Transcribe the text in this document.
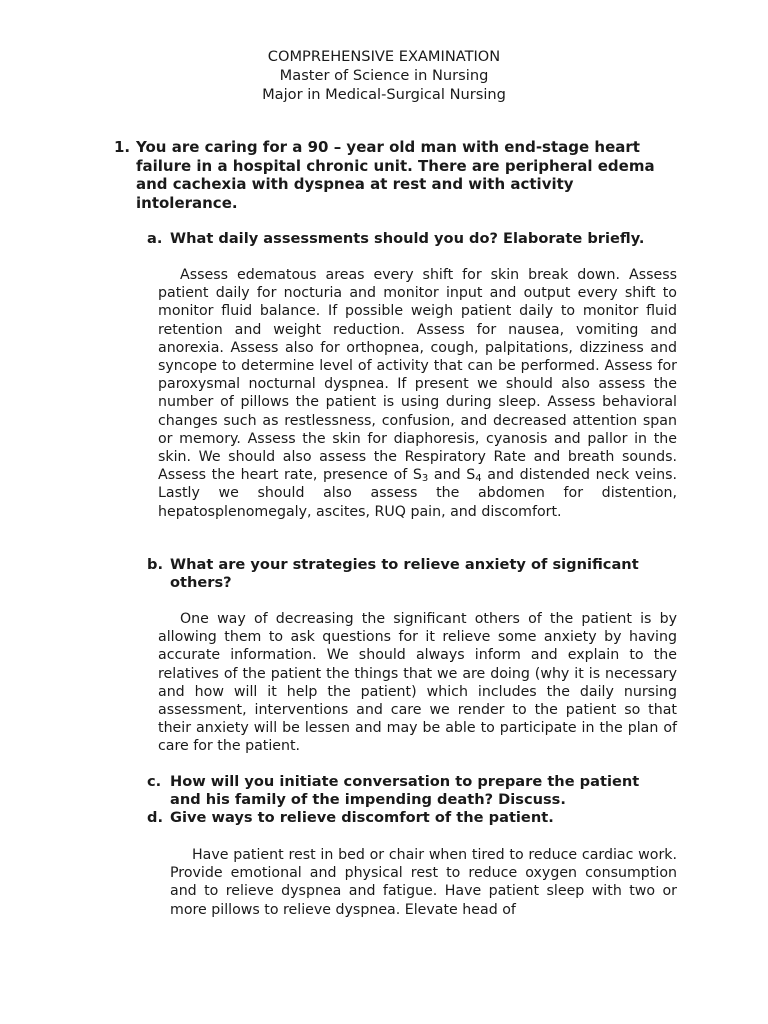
COMPREHENSIVE EXAMINATION
Master of Science in Nursing
Major in Medical-Surgical Nursing
1. You are caring for a 90 – year old man with end-stage heart failure in a hospital chronic unit. There are peripheral edema and cachexia with dyspnea at rest and with activity intolerance.
a. What daily assessments should you do? Elaborate briefly.

Assess edematous areas every shift for skin break down. Assess patient daily for nocturia and monitor input and output every shift to monitor fluid balance. If possible weigh patient daily to monitor fluid retention and weight reduction. Assess for nausea, vomiting and anorexia. Assess also for orthopnea, cough, palpitations, dizziness and syncope to determine level of activity that can be performed. Assess for paroxysmal nocturnal dyspnea. If present we should also assess the number of pillows the patient is using during sleep. Assess behavioral changes such as restlessness, confusion, and decreased attention span or memory. Assess the skin for diaphoresis, cyanosis and pallor in the skin. We should also assess the Respiratory Rate and breath sounds. Assess the heart rate, presence of $S_3$ and $S_4$ and distended neck veins. Lastly we should also assess the abdomen for distention, hepatosplenomegaly, ascites, RUQ pain, and discomfort.

b. What are your strategies to relieve anxiety of significant others?

One way of decreasing the significant others of the patient is by allowing them to ask questions for it relieve some anxiety by having accurate information. We should always inform and explain to the relatives of the patient the things that we are doing (why it is necessary and how will it help the patient) which includes the daily nursing assessment, interventions and care we render to the patient so that their anxiety will be lessen and may be able to participate in the plan of care for the patient.

c. How will you initiate conversation to prepare the patient and his family of the impending death? Discuss.
d. Give ways to relieve discomfort of the patient.

Have patient rest in bed or chair when tired to reduce cardiac work. Provide emotional and physical rest to reduce oxygen consumption and to relieve dyspnea and fatigue. Have patient sleep with two or more pillows to relieve dyspnea. Elevate head of
